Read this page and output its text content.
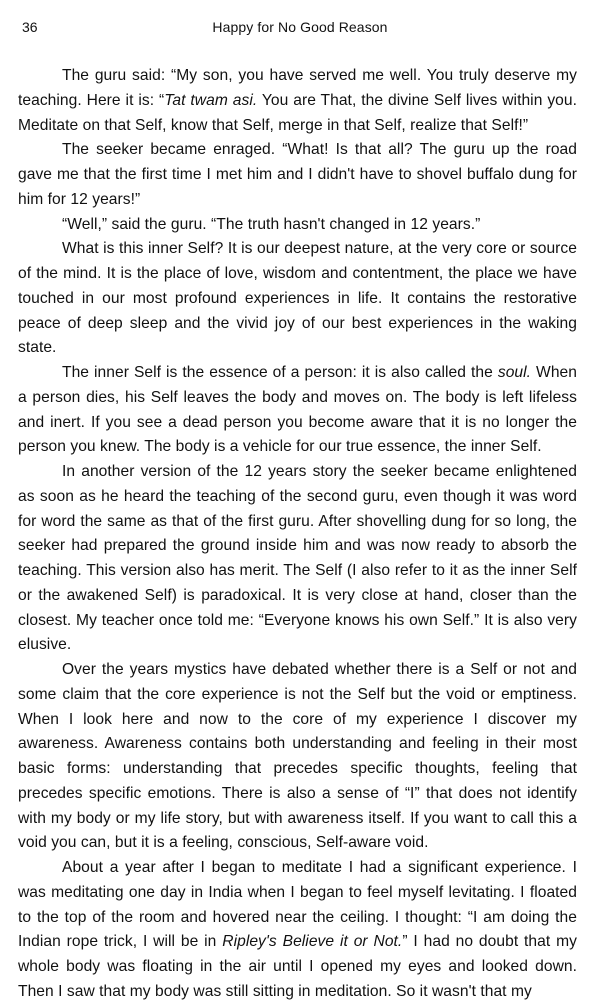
36	Happy for No Good Reason

The guru said: “My son, you have served me well. You truly deserve my teaching. Here it is: “Tat twam asi. You are That, the divine Self lives within you. Meditate on that Self, know that Self, merge in that Self, realize that Self!”

The seeker became enraged. “What! Is that all? The guru up the road gave me that the first time I met him and I didn't have to shovel buffalo dung for him for 12 years!”

“Well,” said the guru. “The truth hasn't changed in 12 years.”

What is this inner Self? It is our deepest nature, at the very core or source of the mind. It is the place of love, wisdom and contentment, the place we have touched in our most profound experiences in life. It contains the restorative peace of deep sleep and the vivid joy of our best experiences in the waking state.

The inner Self is the essence of a person: it is also called the soul. When a person dies, his Self leaves the body and moves on. The body is left lifeless and inert. If you see a dead person you become aware that it is no longer the person you knew. The body is a vehicle for our true essence, the inner Self.

In another version of the 12 years story the seeker became enlightened as soon as he heard the teaching of the second guru, even though it was word for word the same as that of the first guru. After shovelling dung for so long, the seeker had prepared the ground inside him and was now ready to absorb the teaching. This version also has merit. The Self (I also refer to it as the inner Self or the awakened Self) is paradoxical. It is very close at hand, closer than the closest. My teacher once told me: “Everyone knows his own Self.” It is also very elusive.

Over the years mystics have debated whether there is a Self or not and some claim that the core experience is not the Self but the void or emptiness. When I look here and now to the core of my experience I discover my awareness. Awareness contains both understanding and feeling in their most basic forms: understanding that precedes specific thoughts, feeling that precedes specific emotions. There is also a sense of “I” that does not identify with my body or my life story, but with awareness itself. If you want to call this a void you can, but it is a feeling, conscious, Self-aware void.

About a year after I began to meditate I had a significant experience. I was meditating one day in India when I began to feel myself levitating. I floated to the top of the room and hovered near the ceiling. I thought: “I am doing the Indian rope trick, I will be in Ripley's Believe it or Not.” I had no doubt that my whole body was floating in the air until I opened my eyes and looked down. Then I saw that my body was still sitting in meditation. So it wasn't that my
